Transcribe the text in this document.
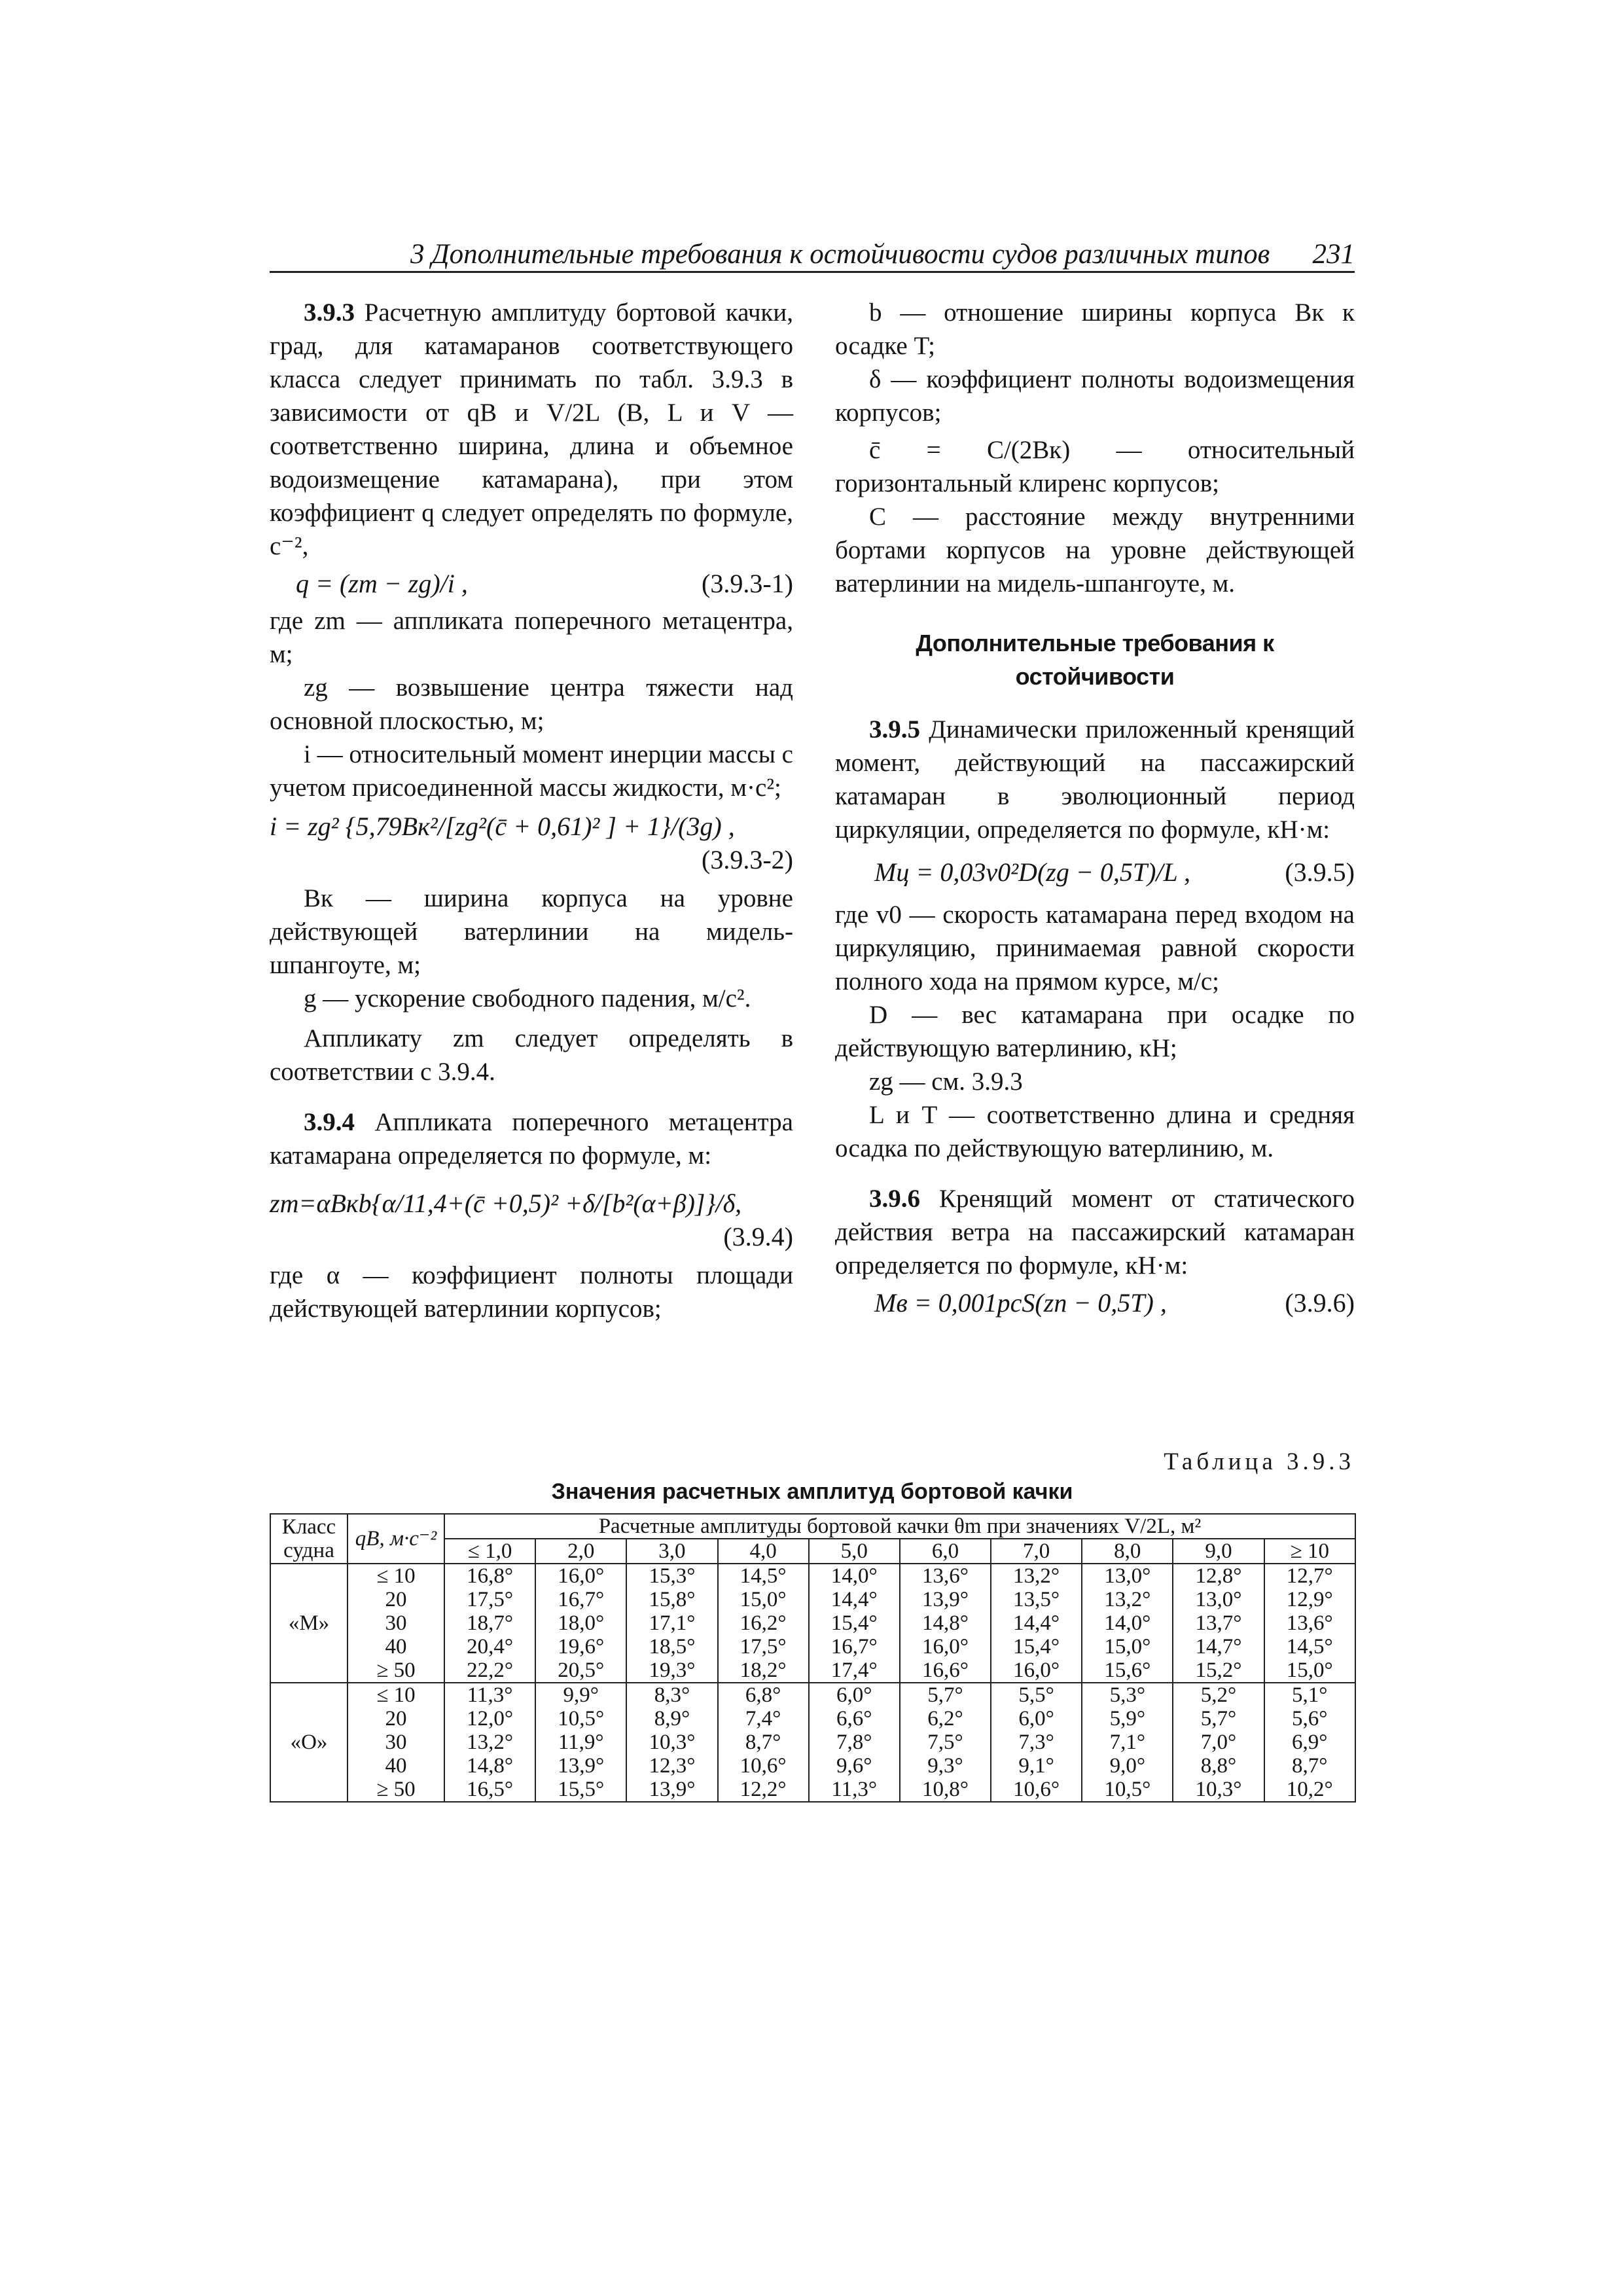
3 Дополнительные требования к остойчивости судов различных типов 231

3.9.3 Расчетную амплитуду бортовой качки, град, для катамаранов соответствующего класса следует принимать по табл. 3.9.3 в зависимости от qB и V/2L (B, L и V — соответственно ширина, длина и объемное водоизмещение катамарана), при этом коэффициент q следует определять по формуле, с⁻²,

q = (zm − zg)/i ,	(3.9.3-1)

где zm — аппликата поперечного метацентра, м;

zg — возвышение центра тяжести над основной плоскостью, м;

i — относительный момент инерции массы с учетом присоединенной массы жидкости, м·с²;

i = zg² {5,79Bк²/[zg²(c̄ + 0,61)² ] + 1}/(3g) ,
(3.9.3-2)

Bк — ширина корпуса на уровне действующей ватерлинии на мидель-шпангоуте, м;

g — ускорение свободного падения, м/с².

Аппликату zm следует определять в соответствии с 3.9.4.

3.9.4 Аппликата поперечного метацентра катамарана определяется по формуле, м:

zm=αBкb{α/11,4+(c̄ +0,5)² +δ/[b²(α+β)]}/δ,
(3.9.4)

где α — коэффициент полноты площади действующей ватерлинии корпусов;

b — отношение ширины корпуса Bк к осадке T;

δ — коэффициент полноты водоизмещения корпусов;

c̄ = C/(2Bк) — относительный горизонтальный клиренс корпусов;

C — расстояние между внутренними бортами корпусов на уровне действующей ватерлинии на мидель-шпангоуте, м.

Дополнительные требования к остойчивости

3.9.5 Динамически приложенный кренящий момент, действующий на пассажирский катамаран в эволюционный период циркуляции, определяется по формуле, кН·м:

Mц = 0,03v0²D(zg − 0,5T)/L ,	(3.9.5)

где v0 — скорость катамарана перед входом на циркуляцию, принимаемая равной скорости полного хода на прямом курсе, м/с;

D — вес катамарана при осадке по действующую ватерлинию, кН;

zg — см. 3.9.3

L и T — соответственно длина и средняя осадка по действующую ватерлинию, м.

3.9.6 Кренящий момент от статического действия ветра на пассажирский катамаран определяется по формуле, кН·м:

Mв = 0,001pcS(zп − 0,5T) ,	(3.9.6)
Таблица 3.9.3
Значения расчетных амплитуд бортовой качки
Класс судна	qB, м·с⁻²	Расчетные амплитуды бортовой качки θm при значениях V/2L, м²									
		≤ 1,0	2,0	3,0	4,0	5,0	6,0	7,0	8,0	9,0	≥ 10
«М»	≤ 10	16,8°	16,0°	15,3°	14,5°	14,0°	13,6°	13,2°	13,0°	12,8°	12,7°
	20	17,5°	16,7°	15,8°	15,0°	14,4°	13,9°	13,5°	13,2°	13,0°	12,9°
	30	18,7°	18,0°	17,1°	16,2°	15,4°	14,8°	14,4°	14,0°	13,7°	13,6°
	40	20,4°	19,6°	18,5°	17,5°	16,7°	16,0°	15,4°	15,0°	14,7°	14,5°
	≥ 50	22,2°	20,5°	19,3°	18,2°	17,4°	16,6°	16,0°	15,6°	15,2°	15,0°
«О»	≤ 10	11,3°	9,9°	8,3°	6,8°	6,0°	5,7°	5,5°	5,3°	5,2°	5,1°
	20	12,0°	10,5°	8,9°	7,4°	6,6°	6,2°	6,0°	5,9°	5,7°	5,6°
	30	13,2°	11,9°	10,3°	8,7°	7,8°	7,5°	7,3°	7,1°	7,0°	6,9°
	40	14,8°	13,9°	12,3°	10,6°	9,6°	9,3°	9,1°	9,0°	8,8°	8,7°
	≥ 50	16,5°	15,5°	13,9°	12,2°	11,3°	10,8°	10,6°	10,5°	10,3°	10,2°
